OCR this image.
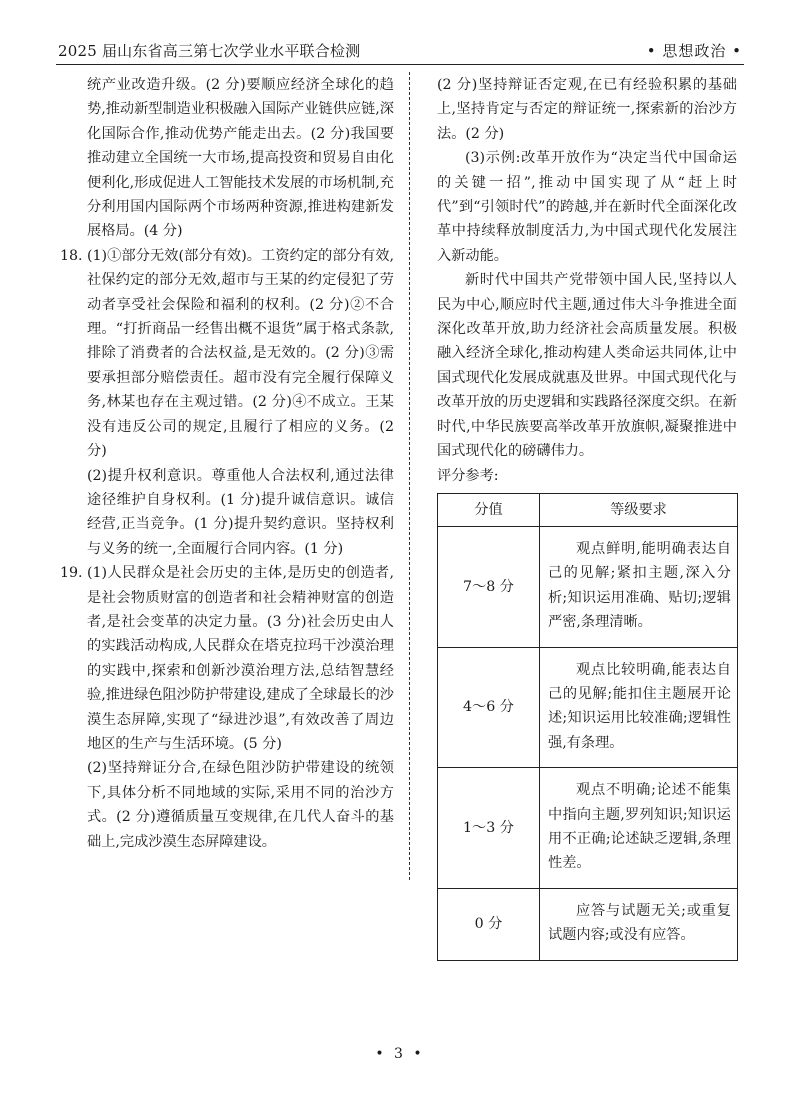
2025 届山东省高三第七次学业水平联合检测	• 思想政治 •

统产业改造升级。(2 分)要顺应经济全球化的趋势,推动新型制造业积极融入国际产业链供应链,深化国际合作,推动优势产能走出去。(2 分)我国要推动建立全国统一大市场,提高投资和贸易自由化便利化,形成促进人工智能技术发展的市场机制,充分利用国内国际两个市场两种资源,推进构建新发展格局。(4 分)

18. (1)①部分无效(部分有效)。工资约定的部分有效,社保约定的部分无效,超市与王某的约定侵犯了劳动者享受社会保险和福利的权利。(2 分)②不合理。“打折商品一经售出概不退货”属于格式条款,排除了消费者的合法权益,是无效的。(2 分)③需要承担部分赔偿责任。超市没有完全履行保障义务,林某也存在主观过错。(2 分)④不成立。王某没有违反公司的规定,且履行了相应的义务。(2 分)

(2)提升权利意识。尊重他人合法权利,通过法律途径维护自身权利。(1 分)提升诚信意识。诚信经营,正当竞争。(1 分)提升契约意识。坚持权利与义务的统一,全面履行合同内容。(1 分)

19. (1)人民群众是社会历史的主体,是历史的创造者,是社会物质财富的创造者和社会精神财富的创造者,是社会变革的决定力量。(3 分)社会历史由人的实践活动构成,人民群众在塔克拉玛干沙漠治理的实践中,探索和创新沙漠治理方法,总结智慧经验,推进绿色阻沙防护带建设,建成了全球最长的沙漠生态屏障,实现了“绿进沙退”,有效改善了周边地区的生产与生活环境。(5 分)

(2)坚持辩证分合,在绿色阻沙防护带建设的统领下,具体分析不同地域的实际,采用不同的治沙方式。(2 分)遵循质量互变规律,在几代人奋斗的基础上,完成沙漠生态屏障建设。

(2 分)坚持辩证否定观,在已有经验积累的基础上,坚持肯定与否定的辩证统一,探索新的治沙方法。(2 分)

(3)示例:改革开放作为“决定当代中国命运的关键一招”,推动中国实现了从“赶上时代”到“引领时代”的跨越,并在新时代全面深化改革中持续释放制度活力,为中国式现代化发展注入新动能。

新时代中国共产党带领中国人民,坚持以人民为中心,顺应时代主题,通过伟大斗争推进全面深化改革开放,助力经济社会高质量发展。积极融入经济全球化,推动构建人类命运共同体,让中国式现代化发展成就惠及世界。中国式现代化与改革开放的历史逻辑和实践路径深度交织。在新时代,中华民族要高举改革开放旗帜,凝聚推进中国式现代化的磅礴伟力。

评分参考:

分值	等级要求
7～8 分	观点鲜明,能明确表达自己的见解;紧扣主题,深入分析;知识运用准确、贴切;逻辑严密,条理清晰。

4～6 分	观点比较明确,能表达自己的见解;能扣住主题展开论述;知识运用比较准确;逻辑性强,有条理。

1～3 分	观点不明确;论述不能集中指向主题,罗列知识;知识运用不正确;论述缺乏逻辑,条理性差。

0 分	应答与试题无关;或重复试题内容;或没有应答。
• 3 •
